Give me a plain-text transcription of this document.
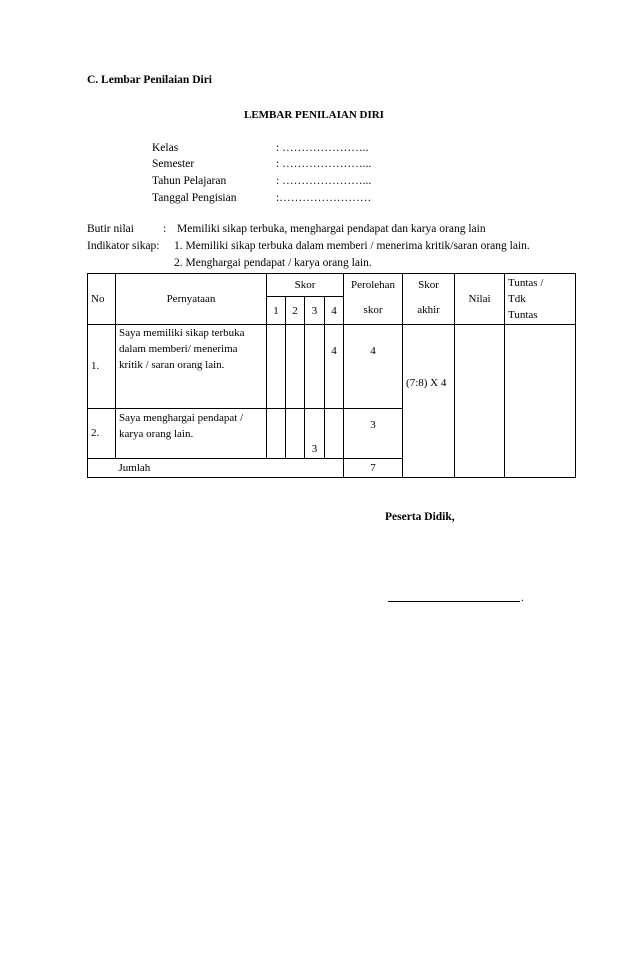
C. Lembar Penilaian Diri
LEMBAR PENILAIAN DIRI
Kelas	: …………………..
Semester	: …………………...
Tahun Pelajaran	: …………………...
Tanggal Pengisian	:……………………
Butir nilai	: Memiliki sikap terbuka, menghargai pendapat dan karya orang lain
Indikator sikap: 1. Memiliki sikap terbuka dalam memberi / menerima kritik/saran orang lain.
2. Menghargai pendapat / karya orang lain.
No	Pernyataan	Skor				Perolehan	Skor	Nilai	Tuntas /
Tdk
Tuntas

		1	2	3	4	skor	akhir		
1.	Saya memiliki sikap terbuka dalam memberi/ menerima kritik / saran orang lain.				4	4	(7:8) X 4		
2.	Saya menghargai pendapat / karya orang lain.			3		3			
	Jumlah					7			
Peserta Didik,
.
